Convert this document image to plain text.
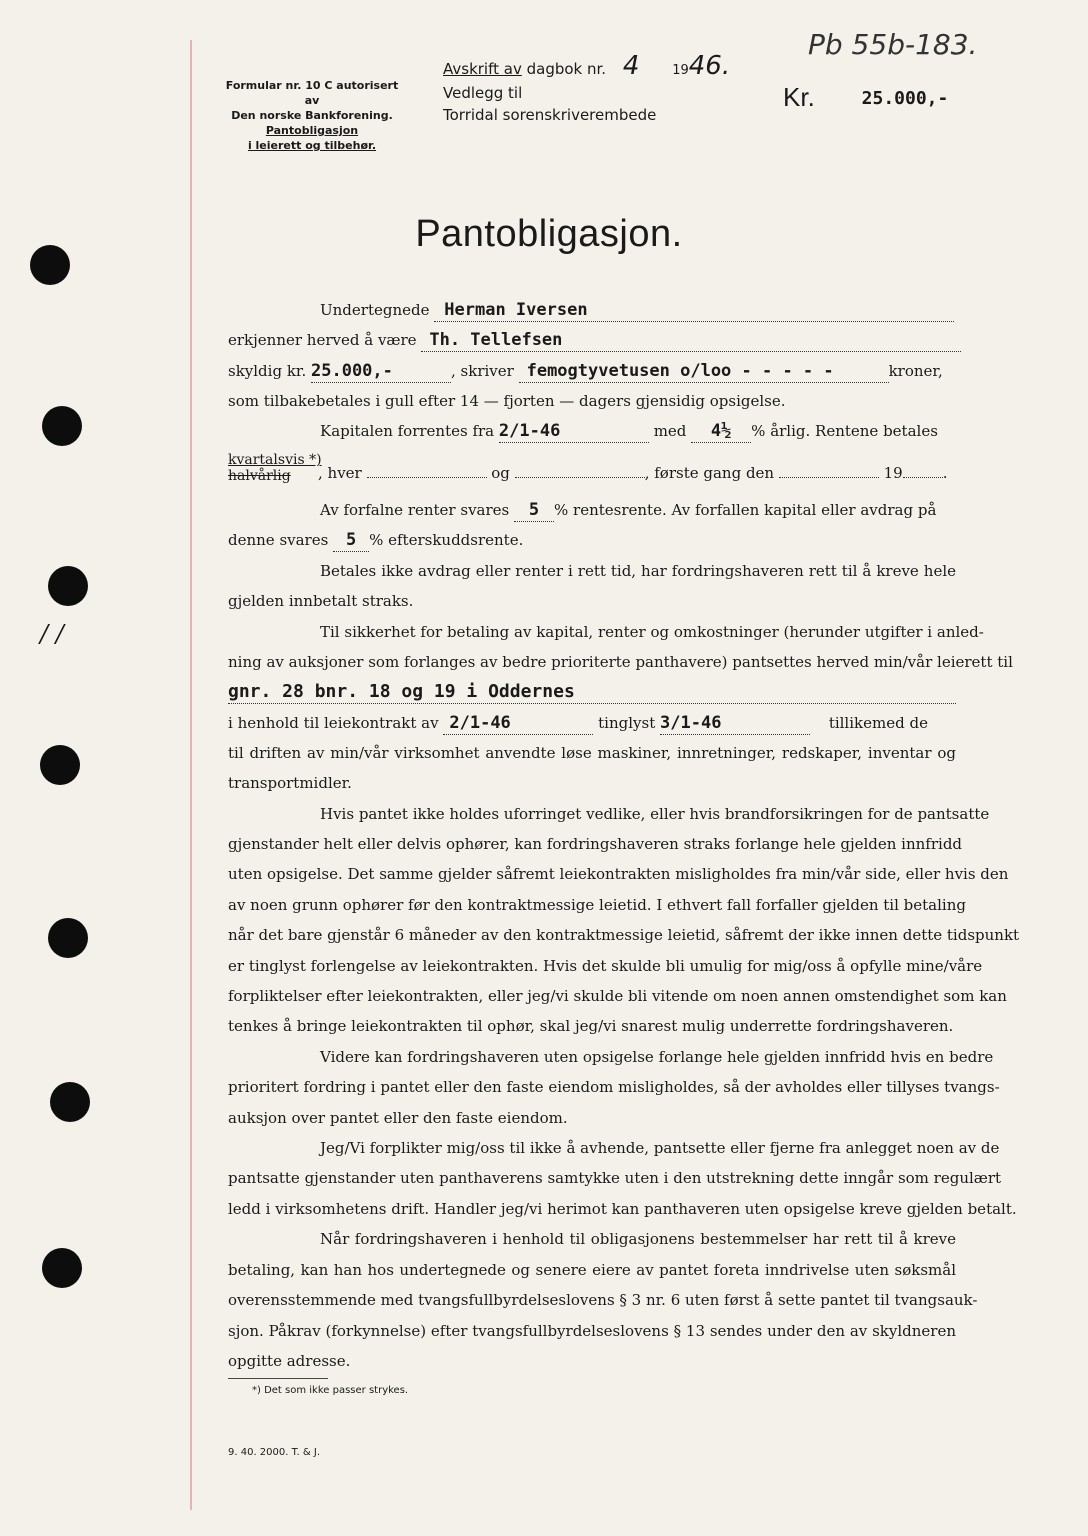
/ /
Formular nr. 10 C autorisert av
Den norske Bankforening.
Pantobligasjon
i leierett og tilbehør.
Avskrift av dagbok nr. 4	1946.
Vedlegg til
Torridal sorenskriverembede
Kr.	25.000,-
Pb 55b-183.
Pantobligasjon.
Undertegnede Herman Iversen
erkjenner herved å være Th. Tellefsen
skyldig kr. 25.000,-	, skriver femogtyvetusen o/loo - - - - -	kroner,
som tilbakebetales i gull efter 14 — fjorten — dagers gjensidig opsigelse.
Kapitalen forrentes fra 2/1-46	med 4½ % årlig. Rentene betales
kvartalsvis *)
halvårlig	, hver	og	, første gang den	19	.
Av forfalne renter svares 5 % rentesrente. Av forfallen kapital eller avdrag på
denne svares 5 % efterskuddsrente.
Betales ikke avdrag eller renter i rett tid, har fordringshaveren rett til å kreve hele
gjelden innbetalt straks.
Til sikkerhet for betaling av kapital, renter og omkostninger (herunder utgifter i anled-
ning av auksjoner som forlanges av bedre prioriterte panthavere) pantsettes herved min/vår leierett til
gnr. 28 bnr. 18 og 19 i Oddernes
i henhold til leiekontrakt av 2/1-46	tinglyst 3/1-46	tillikemed de
til driften av min/vår virksomhet anvendte løse maskiner, innretninger, redskaper, inventar og
transportmidler.
Hvis pantet ikke holdes uforringet vedlike, eller hvis brandforsikringen for de pantsatte
gjenstander helt eller delvis ophører, kan fordringshaveren straks forlange hele gjelden innfridd
uten opsigelse. Det samme gjelder såfremt leiekontrakten misligholdes fra min/vår side, eller hvis den
av noen grunn ophører før den kontraktmessige leietid. I ethvert fall forfaller gjelden til betaling
når det bare gjenstår 6 måneder av den kontraktmessige leietid, såfremt der ikke innen dette tidspunkt
er tinglyst forlengelse av leiekontrakten. Hvis det skulde bli umulig for mig/oss å opfylle mine/våre
forpliktelser efter leiekontrakten, eller jeg/vi skulde bli vitende om noen annen omstendighet som kan
tenkes å bringe leiekontrakten til ophør, skal jeg/vi snarest mulig underrette fordringshaveren.
Videre kan fordringshaveren uten opsigelse forlange hele gjelden innfridd hvis en bedre
prioritert fordring i pantet eller den faste eiendom misligholdes, så der avholdes eller tillyses tvangs-
auksjon over pantet eller den faste eiendom.
Jeg/Vi forplikter mig/oss til ikke å avhende, pantsette eller fjerne fra anlegget noen av de
pantsatte gjenstander uten panthaverens samtykke uten i den utstrekning dette inngår som regulært
ledd i virksomhetens drift. Handler jeg/vi herimot kan panthaveren uten opsigelse kreve gjelden betalt.
Når fordringshaveren i henhold til obligasjonens bestemmelser har rett til å kreve
betaling, kan han hos undertegnede og senere eiere av pantet foreta inndrivelse uten søksmål
overensstemmende med tvangsfullbyrdelseslovens § 3 nr. 6 uten først å sette pantet til tvangsauk-
sjon. Påkrav (forkynnelse) efter tvangsfullbyrdelseslovens § 13 sendes under den av skyldneren
opgitte adresse.
*) Det som ikke passer strykes.
9. 40. 2000. T. & J.
